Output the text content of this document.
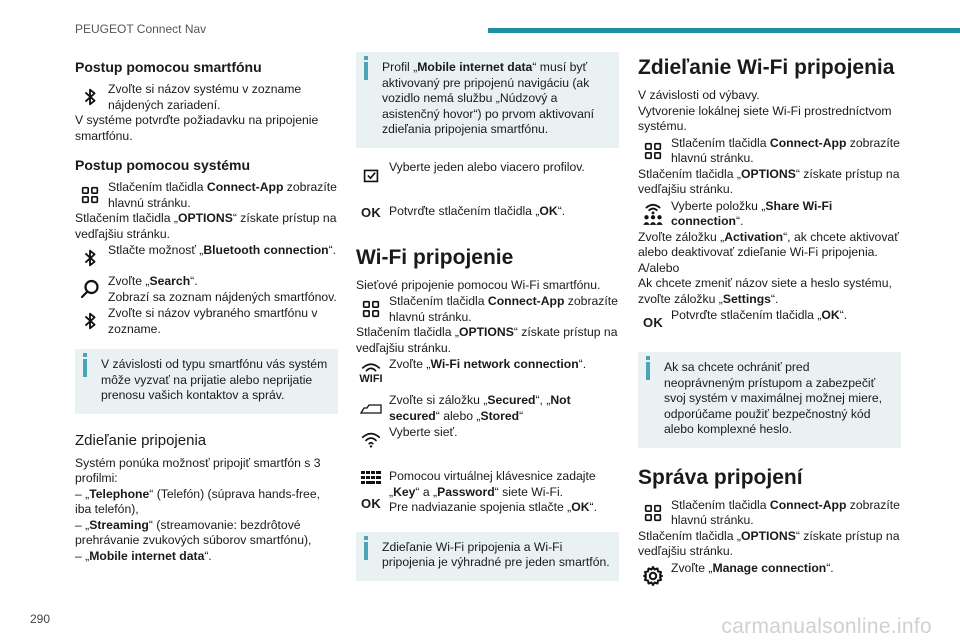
PEUGEOT Connect Nav
Postup pomocou smartfónu
Zvoľte si názov systému v zozname nájdených zariadení.

V systéme potvrďte požiadavku na pripojenie smartfónu.

Postup pomocou systému
Stlačením tlačidla Connect-App zobrazíte hlavnú stránku.

Stlačením tlačidla „OPTIONS“ získate prístup na vedľajšiu stránku.

Stlačte možnosť „Bluetooth connection“.
Zvoľte „Search“.
Zobrazí sa zoznam nájdených smartfónov.
Zvoľte si názov vybraného smartfónu v zozname.
V závislosti od typu smartfónu vás systém môže vyzvať na prijatie alebo neprijatie prenosu vašich kontaktov a správ.
Zdieľanie pripojenia

Systém ponúka možnosť pripojiť smartfón s 3 profilmi:

– „Telephone“ (Telefón) (súprava hands-free, iba telefón),

– „Streaming“ (streamovanie: bezdrôtové prehrávanie zvukových súborov smartfónu),

– „Mobile internet data“.

Profil „Mobile internet data“ musí byť aktivovaný pre pripojenú navigáciu (ak vozidlo nemá službu „Núdzový a asistenčný hovor“) po prvom aktivovaní zdieľania pripojenia smartfónu.
Vyberte jeden alebo viacero profilov.
OK Potvrďte stlačením tlačidla „OK“.
Wi-Fi pripojenie

Sieťové pripojenie pomocou Wi-Fi smartfónu.

Stlačením tlačidla Connect-App zobrazíte hlavnú stránku.

Stlačením tlačidla „OPTIONS“ získate prístup na vedľajšiu stránku.

WIFI
Zvoľte „Wi-Fi network connection“.
Zvoľte si záložku „Secured“, „Not secured“ alebo „Stored“
Vyberte sieť.
Pomocou virtuálnej klávesnice zadajte „Key“ a „Password“ siete Wi-Fi.
Pre nadviazanie spojenia stlačte „OK“.
OK
Zdieľanie Wi-Fi pripojenia a Wi-Fi pripojenia je výhradné pre jeden smartfón.
Zdieľanie Wi-Fi pripojenia

V závislosti od výbavy.

Vytvorenie lokálnej siete Wi-Fi prostredníctvom systému.

Stlačením tlačidla Connect-App zobrazíte hlavnú stránku.

Stlačením tlačidla „OPTIONS“ získate prístup na vedľajšiu stránku.

Vyberte položku „Share Wi-Fi connection“.

Zvoľte záložku „Activation“, ak chcete aktivovať alebo deaktivovať zdieľanie Wi-Fi pripojenia.

A/alebo

Ak chcete zmeniť názov siete a heslo systému, zvoľte záložku „Settings“.

OK
Potvrďte stlačením tlačidla „OK“.
Ak sa chcete ochrániť pred neoprávneným prístupom a zabezpečiť svoj systém v maximálnej možnej miere, odporúčame použiť bezpečnostný kód alebo komplexné heslo.
Správa pripojení
Stlačením tlačidla Connect-App zobrazíte hlavnú stránku.

Stlačením tlačidla „OPTIONS“ získate prístup na vedľajšiu stránku.

Zvoľte „Manage connection“.
290	carmanualsonline.info
